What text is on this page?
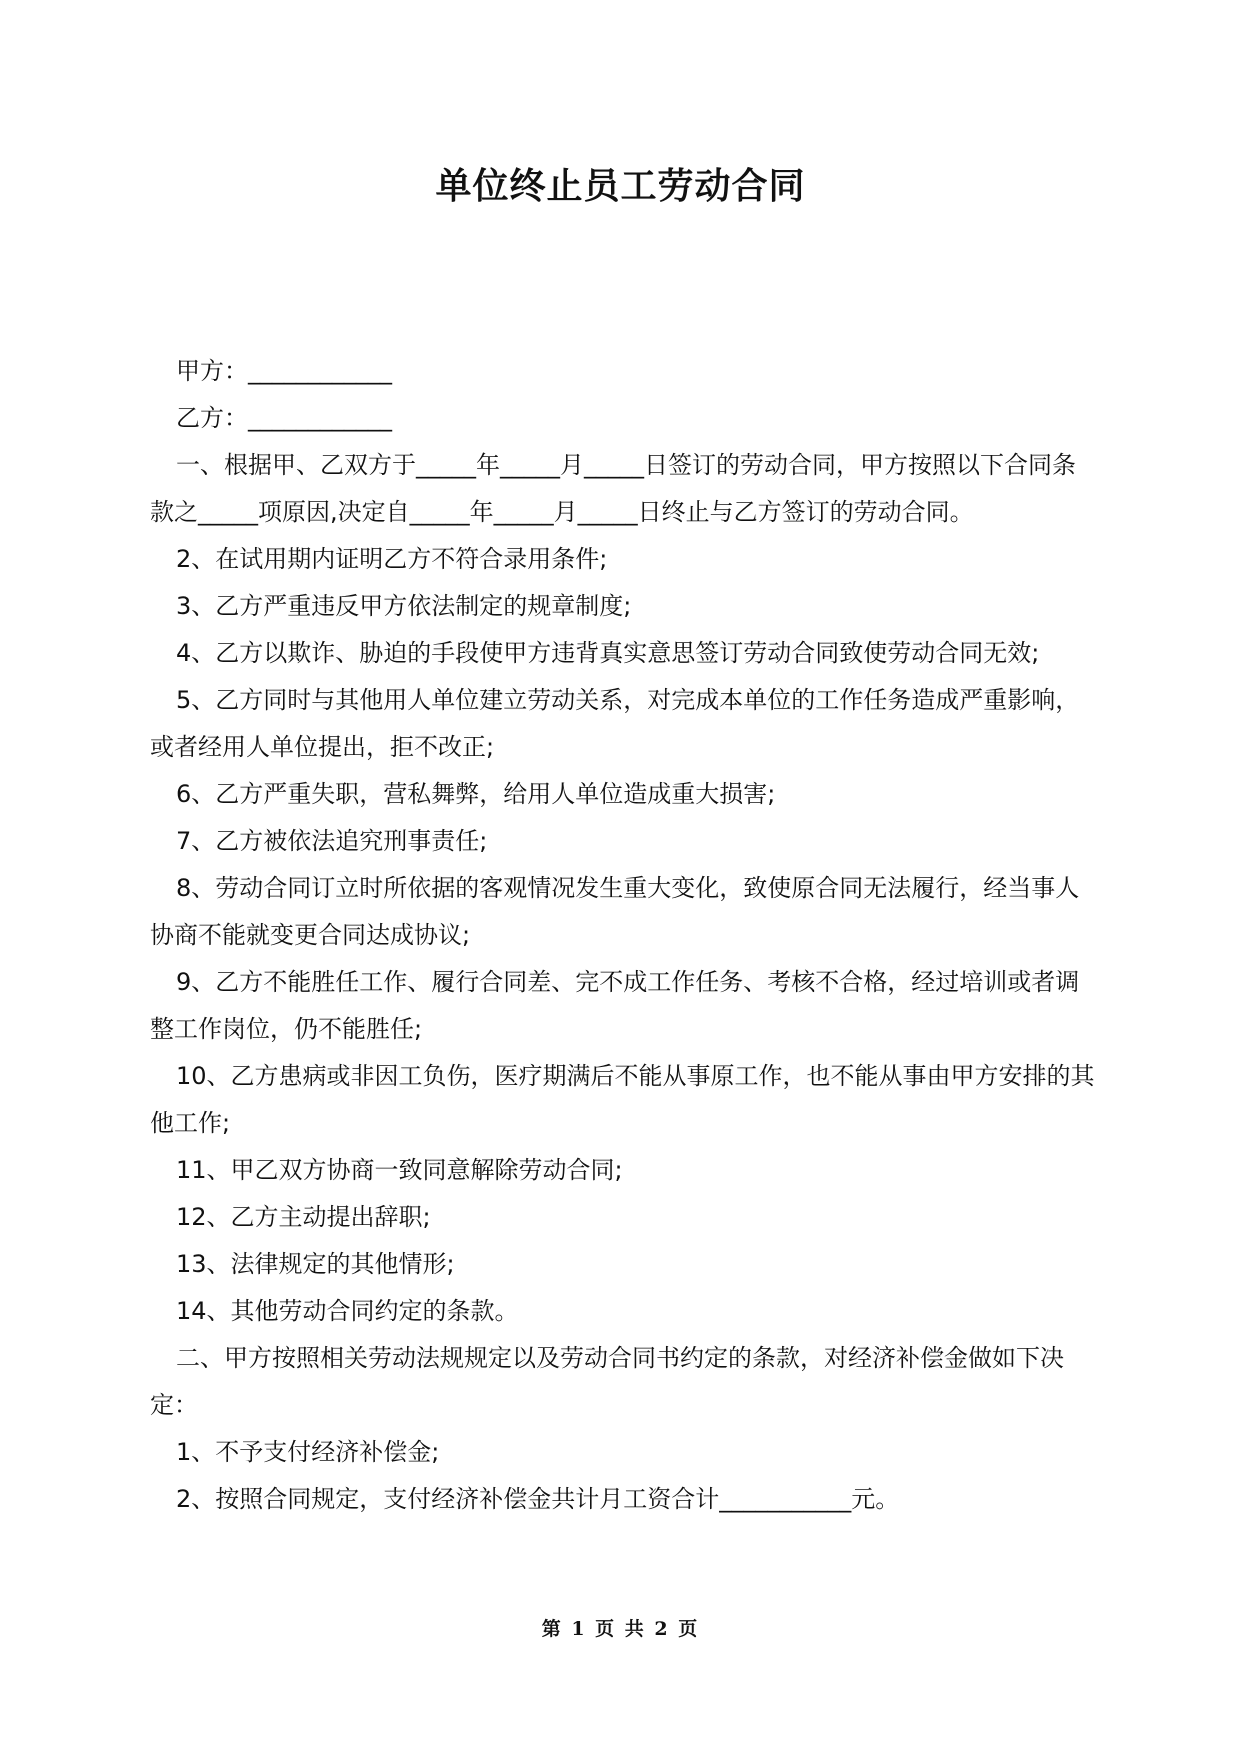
单位终止员工劳动合同

甲方：____________

乙方：____________

一、根据甲、乙双方于_____年_____月_____日签订的劳动合同，甲方按照以下合同条款之_____项原因,决定自_____年_____月_____日终止与乙方签订的劳动合同。

2、在试用期内证明乙方不符合录用条件;

3、乙方严重违反甲方依法制定的规章制度;

4、乙方以欺诈、胁迫的手段使甲方违背真实意思签订劳动合同致使劳动合同无效;

5、乙方同时与其他用人单位建立劳动关系，对完成本单位的工作任务造成严重影响，或者经用人单位提出，拒不改正;

6、乙方严重失职，营私舞弊，给用人单位造成重大损害;

7、乙方被依法追究刑事责任;

8、劳动合同订立时所依据的客观情况发生重大变化，致使原合同无法履行，经当事人协商不能就变更合同达成协议;

9、乙方不能胜任工作、履行合同差、完不成工作任务、考核不合格，经过培训或者调整工作岗位，仍不能胜任;

10、乙方患病或非因工负伤，医疗期满后不能从事原工作，也不能从事由甲方安排的其他工作;

11、甲乙双方协商一致同意解除劳动合同;

12、乙方主动提出辞职;

13、法律规定的其他情形;

14、其他劳动合同约定的条款。

二、甲方按照相关劳动法规规定以及劳动合同书约定的条款，对经济补偿金做如下决定：

1、不予支付经济补偿金;

2、按照合同规定，支付经济补偿金共计月工资合计___________元。

第 1 页 共 2 页
